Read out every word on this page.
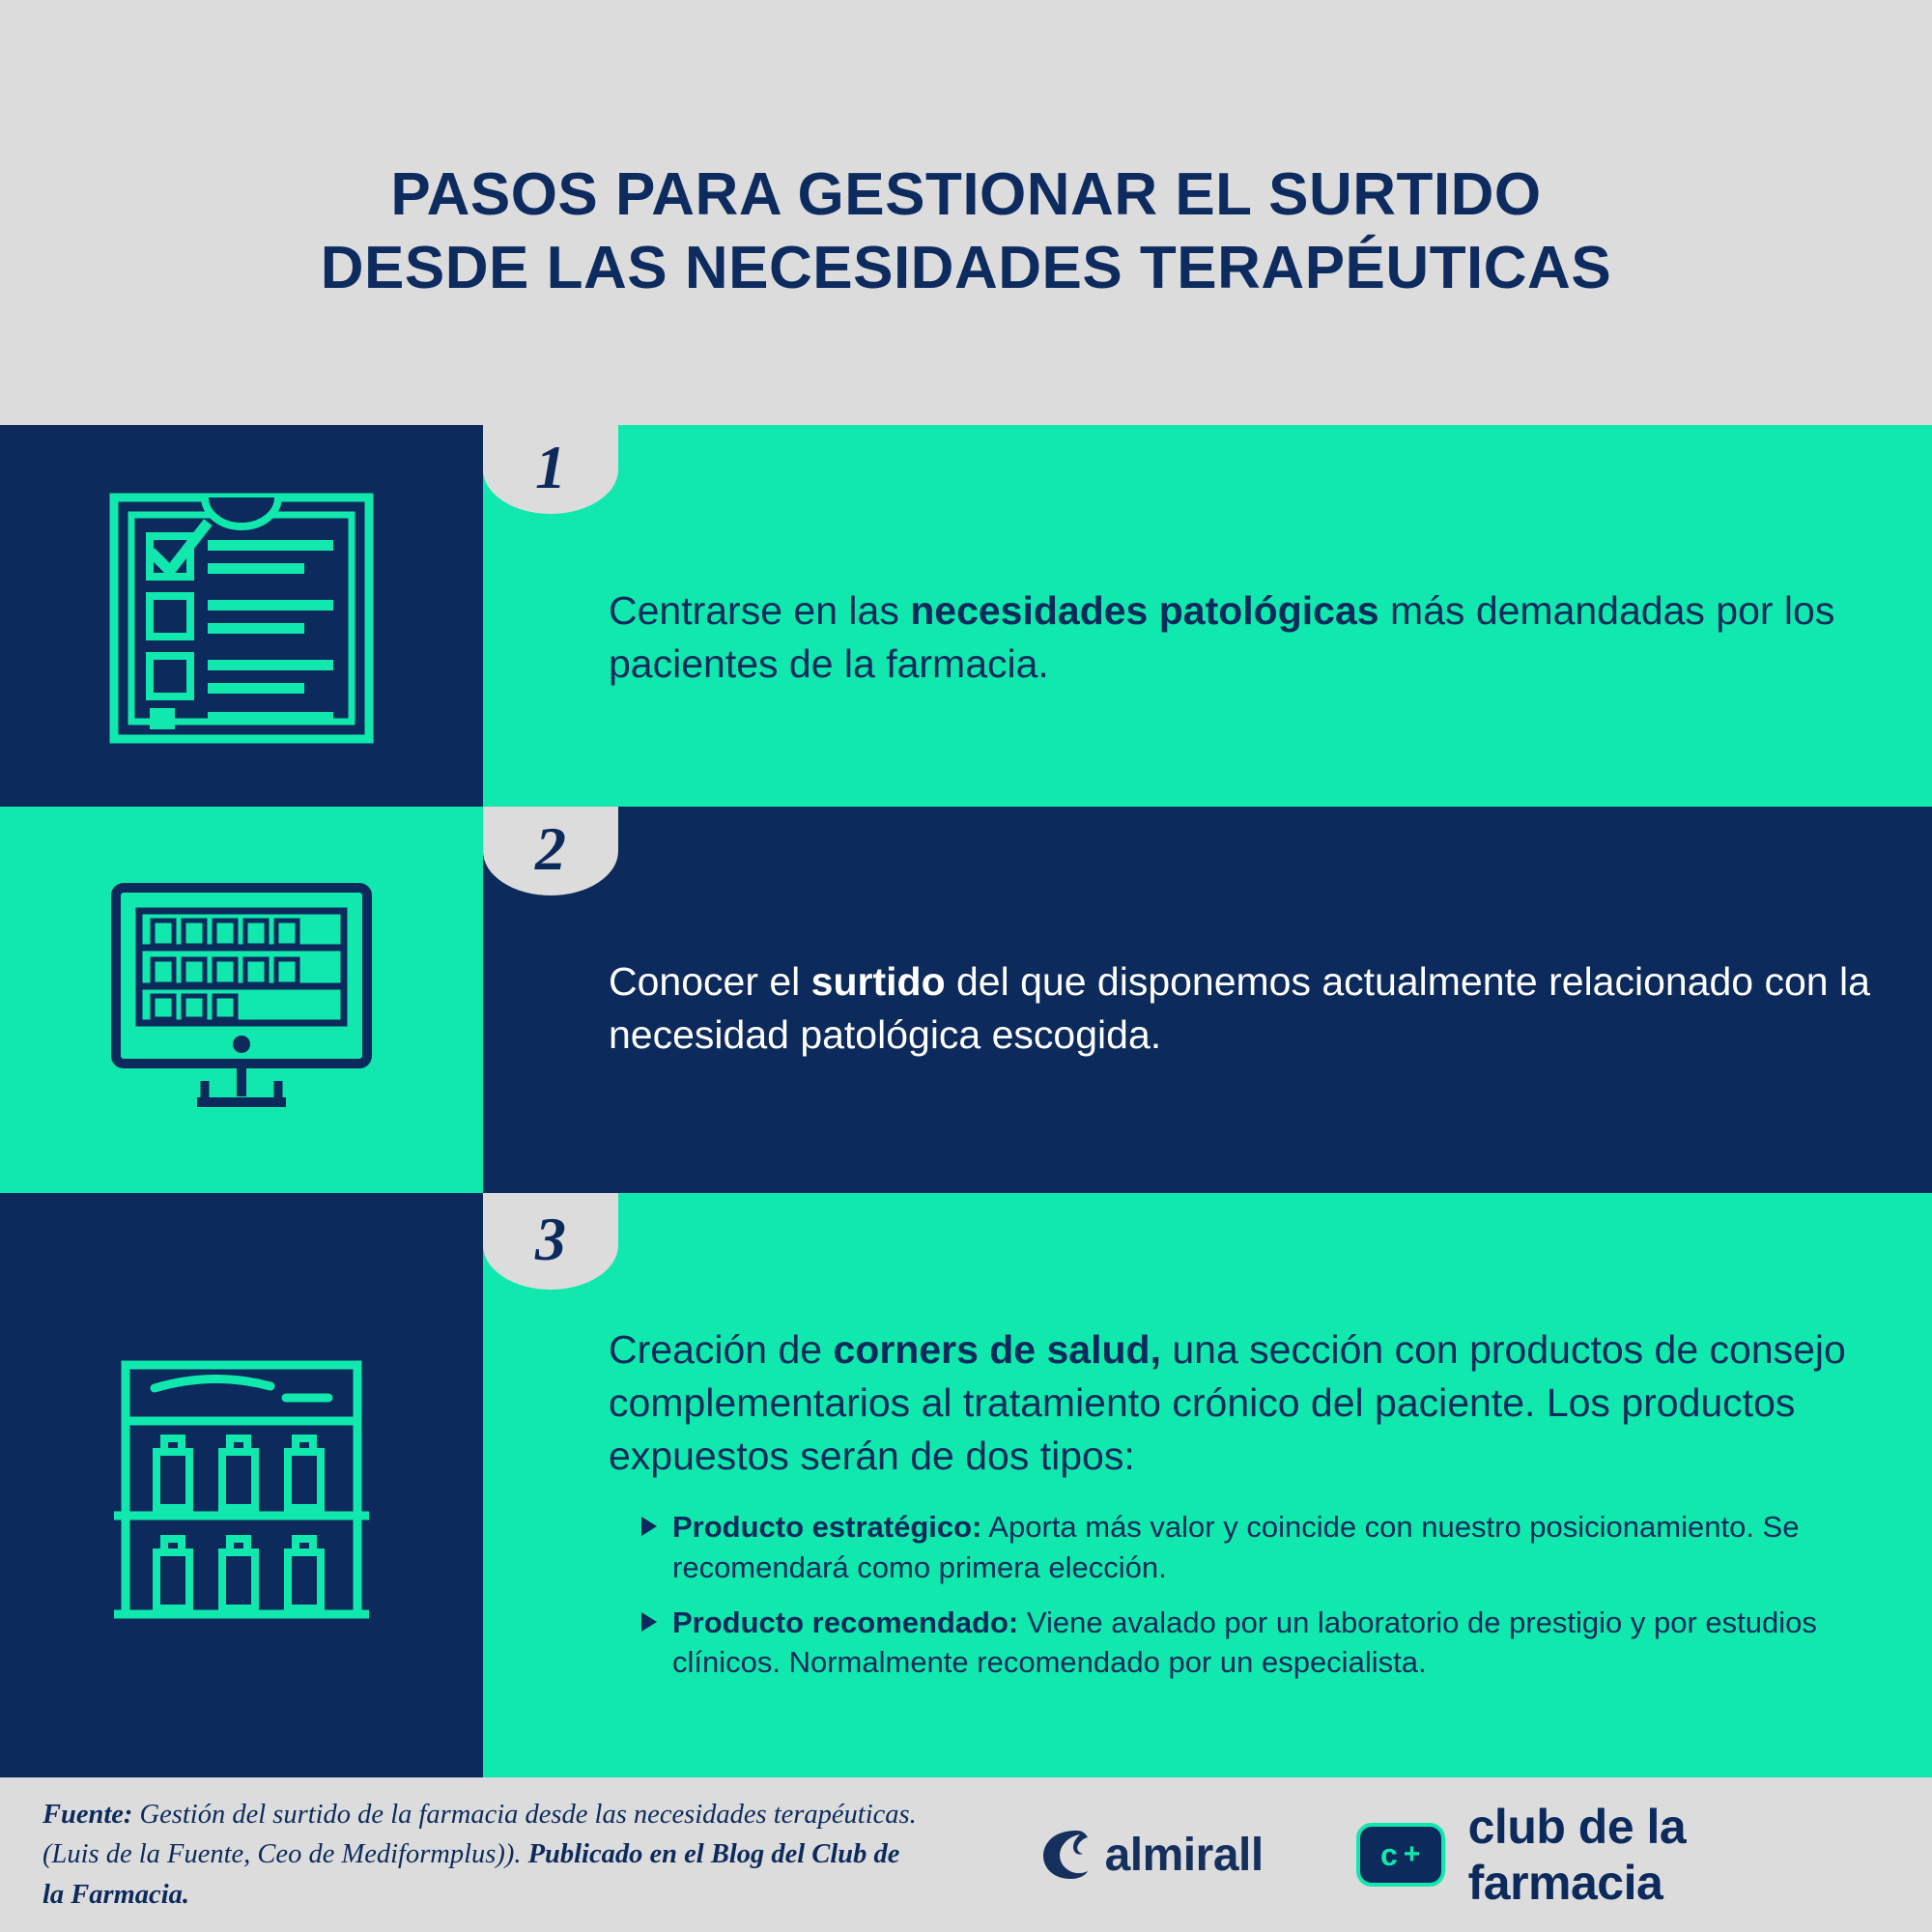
PASOS PARA GESTIONAR EL SURTIDO
DESDE LAS NECESIDADES TERAPÉUTICAS
1
Centrarse en las necesidades patológicas más demandadas por los pacientes de la farmacia.
2
Conocer el surtido del que disponemos actualmente relacionado con la necesidad patológica escogida.
3
Creación de corners de salud, una sección con productos de consejo complementarios al tratamiento crónico del paciente. Los productos expuestos serán de dos tipos:
Producto estratégico: Aporta más valor y coincide con nuestro posicionamiento. Se recomendará como primera elección.
Producto recomendado: Viene avalado por un laboratorio de prestigio y por estudios clínicos. Normalmente recomendado por un especialista.
Fuente: Gestión del surtido de la farmacia desde las necesidades terapéuticas. (Luis de la Fuente, Ceo de Mediformplus)). Publicado en el Blog del Club de la Farmacia.
almirall	c +
club de la farmacia
